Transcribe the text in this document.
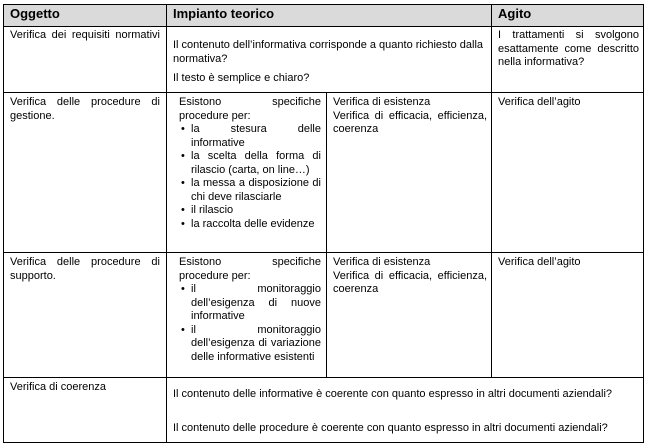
Oggetto	Impianto teorico	Agito
Verifica dei requisiti normativi
Il contenuto dell’informativa corrisponde a quanto richiesto dalla normativa?
Il testo è semplice e chiaro?
I trattamenti si svolgono esattamente come descritto nella informativa?
Verifica delle procedure di gestione.
Esistono specifiche procedure per:
• la stesura delle informative
• la scelta della forma di rilascio (carta, on line…)
• la messa a disposizione di chi deve rilasciarle
• il rilascio
• la raccolta delle evidenze
Verifica di esistenza
Verifica di efficacia, efficienza, coerenza
Verifica dell’agito
Verifica delle procedure di supporto.
Esistono specifiche procedure per:
• il monitoraggio dell’esigenza di nuove informative
• il monitoraggio dell’esigenza di variazione delle informative esistenti
Verifica di esistenza
Verifica di efficacia, efficienza, coerenza
Verifica dell’agito
Verifica di coerenza
Il contenuto delle informative è coerente con quanto espresso in altri documenti aziendali?
Il contenuto delle procedure è coerente con quanto espresso in altri documenti aziendali?
